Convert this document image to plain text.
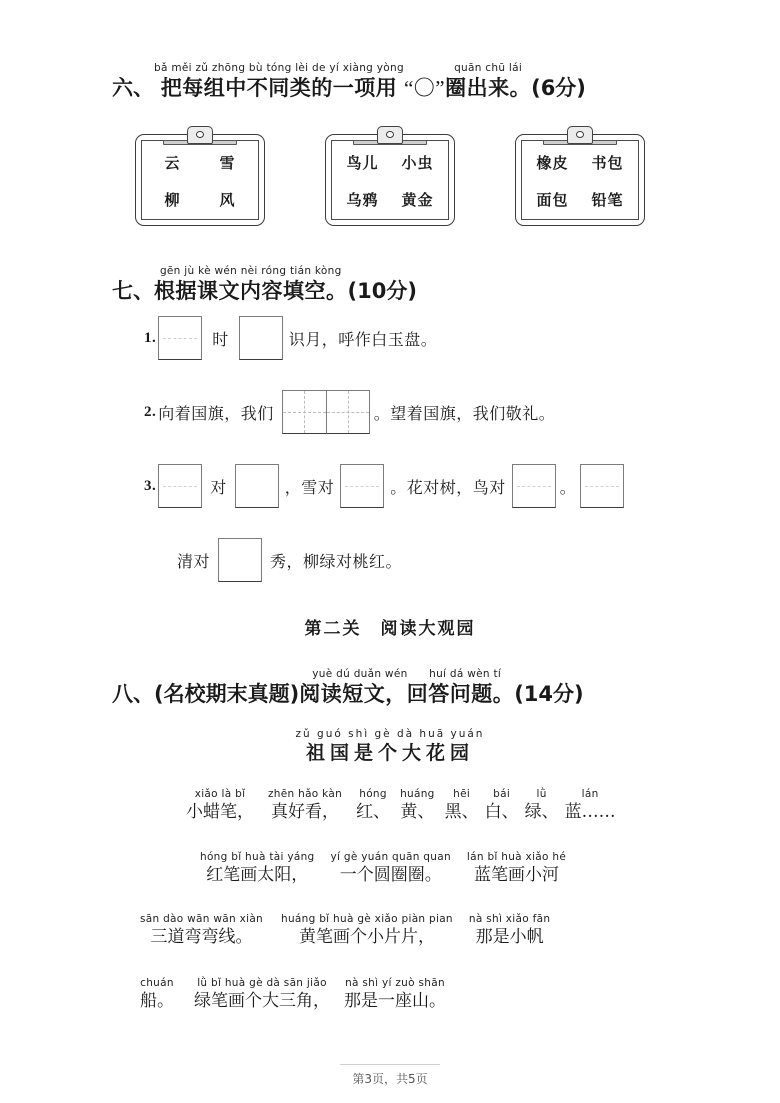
六、
bǎ měi zǔ zhōng bù tóng lèi de yí xiàng yòng
把每组中不同类的一项用 “ 〇 ”
quān chū lái
圈出来。 (6分)
云	雪
柳	风
鸟儿 小虫
乌鸦 黄金
橡皮 书包
面包 铅笔
七、
gēn jù kè wén nèi róng tián kòng
根据课文内容填空。 (10分)
1.	时	识月，呼作白玉盘。
2. 向着国旗，我们	。望着国旗，我们敬礼。
3.	对	，雪对	。花对树，鸟对	。
清对	秀，柳绿对桃红。
第二关　阅读大观园
八、 (名校期末真题)
yuè dú duǎn wén　　huí dá wèn tí
阅读短文，回答问题。 (14分)
zǔ guó shì gè dà huā yuán
祖国是个大花园
xiǎo là bǐ
小蜡笔，
zhēn hǎo kàn
真好看，
hóng
红、
huáng
黄、
hēi
黑、
bái
白、
lǜ
绿、
lán
蓝……
hóng bǐ huà tài yáng
红笔画太阳，
yí gè yuán quān quan
一个圆圈圈。
lán bǐ huà xiǎo hé
蓝笔画小河
sān dào wān wān xiàn
三道弯弯线。
huáng bǐ huà gè xiǎo piàn pian
黄笔画个小片片，
nà shì xiǎo fān
那是小帆
chuán
船。
lǜ bǐ huà gè dà sān jiǎo
绿笔画个大三角，
nà shì yí zuò shān
那是一座山。
第3页，共5页
